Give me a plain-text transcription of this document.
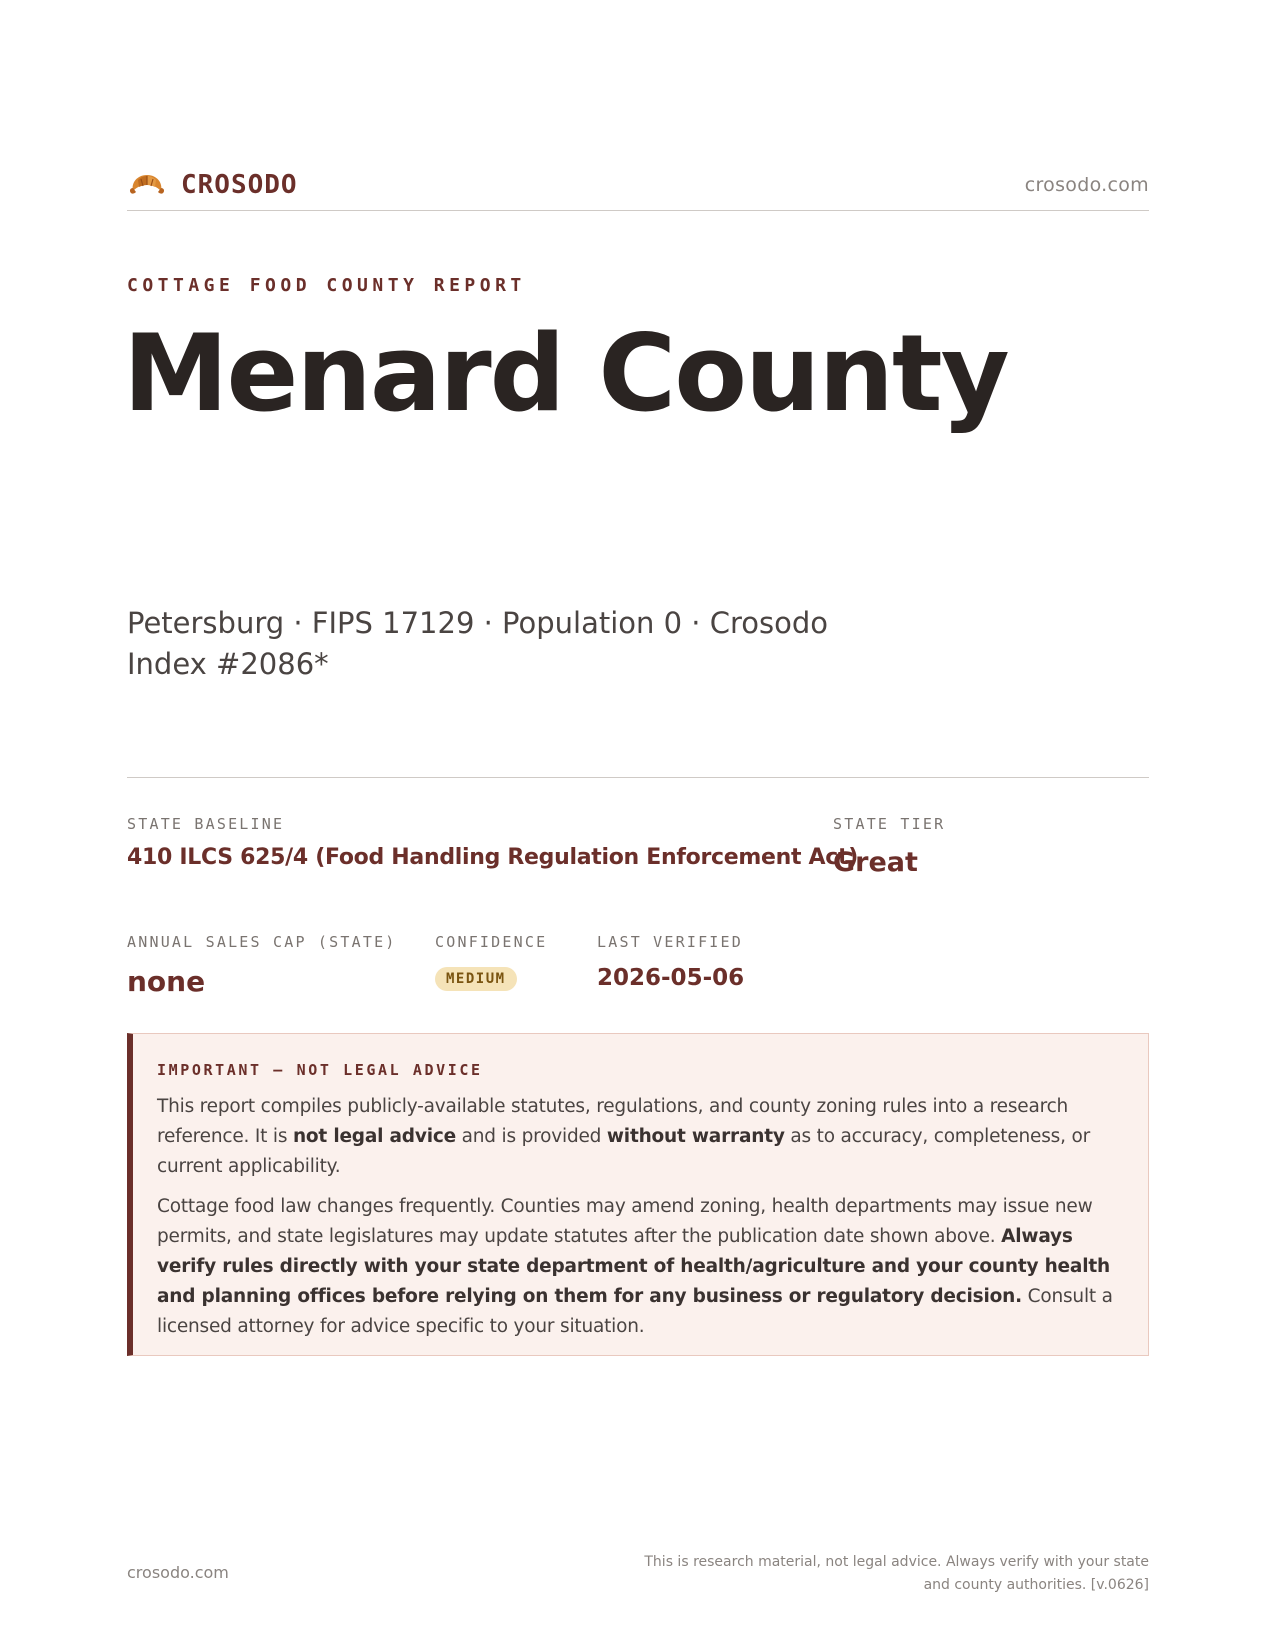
CROSODO	crosodo.com
COTTAGE FOOD COUNTY REPORT
Menard County
Petersburg · FIPS 17129 · Population 0 · Crosodo Index #2086*
STATE BASELINE
410 ILCS 625/4 (Food Handling Regulation Enforcement Act)
STATE TIER
Great
ANNUAL SALES CAP (STATE)
none
CONFIDENCE
MEDIUM
LAST VERIFIED
2026-05-06
IMPORTANT — NOT LEGAL ADVICE

This report compiles publicly-available statutes, regulations, and county zoning rules into a research reference. It is not legal advice and is provided without warranty as to accuracy, completeness, or current applicability.

Cottage food law changes frequently. Counties may amend zoning, health departments may issue new permits, and state legislatures may update statutes after the publication date shown above. Always verify rules directly with your state department of health/agriculture and your county health and planning offices before relying on them for any business or regulatory decision. Consult a licensed attorney for advice specific to your situation.

crosodo.com
This is research material, not legal advice. Always verify with your state and county authorities. [v.0626]
